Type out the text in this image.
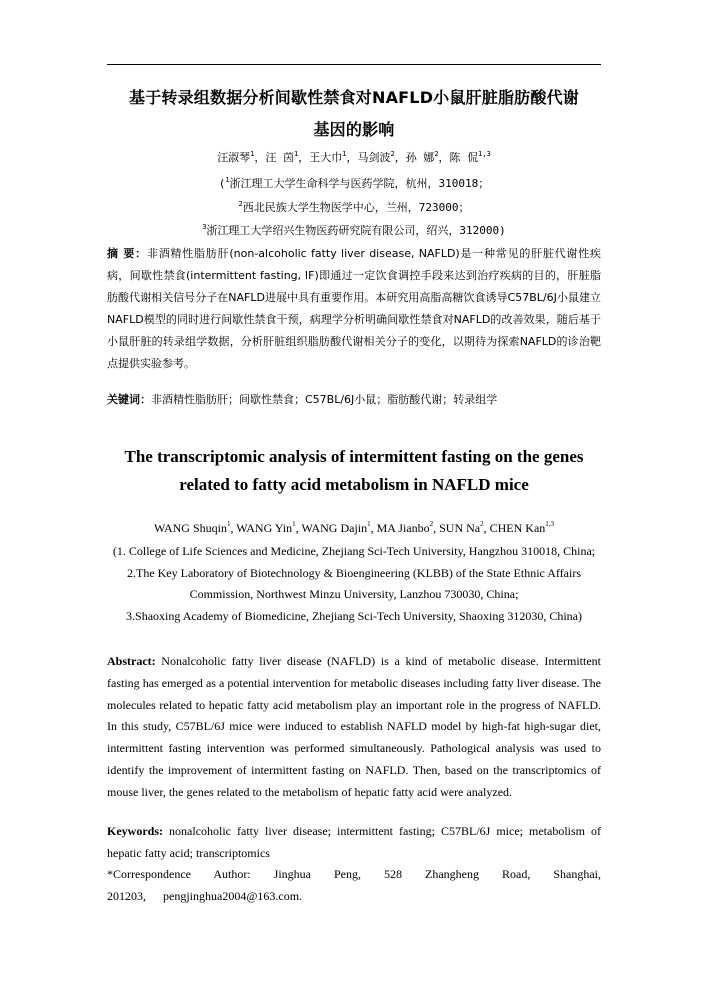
基于转录组数据分析间歇性禁食对NAFLD小鼠肝脏脂肪酸代谢
基因的影响
汪淑琴$^1$，汪 茵$^1$，王大巾$^1$，马剑波$^2$，孙 娜$^2$，陈 侃$^{1,3}$
($^1$浙江理工大学生命科学与医药学院，杭州，310018；
$^2$西北民族大学生物医学中心，兰州，723000；
$^3$浙江理工大学绍兴生物医药研究院有限公司，绍兴，312000)
摘 要：非酒精性脂肪肝(non-alcoholic fatty liver disease, NAFLD)是一种常见的肝脏代谢性疾病，间歇性禁食(intermittent fasting, IF)即通过一定饮食调控手段来达到治疗疾病的目的，肝脏脂肪酸代谢相关信号分子在NAFLD进展中具有重要作用。本研究用高脂高糖饮食诱导C57BL/6J小鼠建立NAFLD模型的同时进行间歇性禁食干预，病理学分析明确间歇性禁食对NAFLD的改善效果，随后基于小鼠肝脏的转录组学数据，分析肝脏组织脂肪酸代谢相关分子的变化，以期待为探索NAFLD的诊治靶点提供实验参考。
关键词：非酒精性脂肪肝；间歇性禁食；C57BL/6J小鼠；脂肪酸代谢；转录组学
The transcriptomic analysis of intermittent fasting on the genes
related to fatty acid metabolism in NAFLD mice
WANG Shuqin$^1$, WANG Yin$^1$, WANG Dajin$^1$, MA Jianbo$^2$, SUN Na$^2$, CHEN Kan$^{1,3}$
(1. College of Life Sciences and Medicine, Zhejiang Sci-Tech University, Hangzhou 310018, China;
2.The Key Laboratory of Biotechnology & Bioengineering (KLBB) of the State Ethnic Affairs Commission, Northwest Minzu University, Lanzhou 730030, China;
3.Shaoxing Academy of Biomedicine, Zhejiang Sci-Tech University, Shaoxing 312030, China)
Abstract: Nonalcoholic fatty liver disease (NAFLD) is a kind of metabolic disease. Intermittent fasting has emerged as a potential intervention for metabolic diseases including fatty liver disease. The molecules related to hepatic fatty acid metabolism play an important role in the progress of NAFLD. In this study, C57BL/6J mice were induced to establish NAFLD model by high-fat high-sugar diet, intermittent fasting intervention was performed simultaneously. Pathological analysis was used to identify the improvement of intermittent fasting on NAFLD. Then, based on the transcriptomics of mouse liver, the genes related to the metabolism of hepatic fatty acid were analyzed.
Keywords: nonalcoholic fatty liver disease; intermittent fasting; C57BL/6J mice; metabolism of hepatic fatty acid; transcriptomics
*Correspondence Author: Jinghua Peng, 528 Zhangheng Road, Shanghai, 201203, pengjinghua2004@163.com.
